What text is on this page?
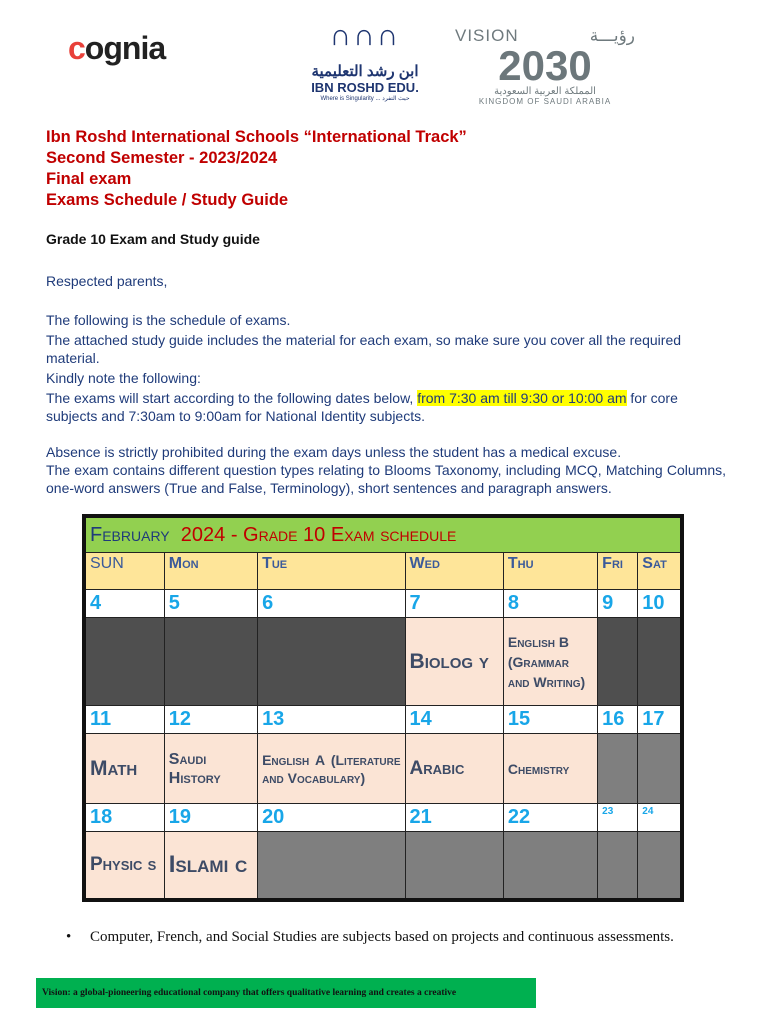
cognia	∩∩∩
ابن رشد التعليمية
IBN ROSHD EDU.
Where is Singularity ... حيث التفرد
VISION	رؤيـــة
2030
المملكة العربية السعودية
KINGDOM OF SAUDI ARABIA
Ibn Roshd International Schools “International Track”
Second Semester - 2023/2024
Final exam
Exams Schedule / Study Guide
Grade 10 Exam and Study guide
Respected parents,
The following is the schedule of exams.
The attached study guide includes the material for each exam, so make sure you cover all the required material.
Kindly note the following:
The exams will start according to the following dates below, from 7:30 am till 9:30 or 10:00 am for core subjects and 7:30am to 9:00am for National Identity subjects.
Absence is strictly prohibited during the exam days unless the student has a medical excuse.
The exam contains different question types relating to Blooms Taxonomy, including MCQ, Matching Columns, one-word answers (True and False, Terminology), short sentences and paragraph answers.
February 2024 - Grade 10 Exam schedule						
SUN	Mon	Tue	Wed	Thu	Fri	Sat
4	5	6	7	8	9	10
			Biolog y	English B (Grammar and Writing)		
11	12	13	14	15	16	17
Math	Saudi History	English A (Literature and Vocabulary)	Arabic	Chemistry		
18	19	20	21	22	23	24
Physic s	Islami c					
• Computer, French, and Social Studies are subjects based on projects and continuous assessments.
Vision: a global-pioneering educational company that offers qualitative learning and creates a creative
